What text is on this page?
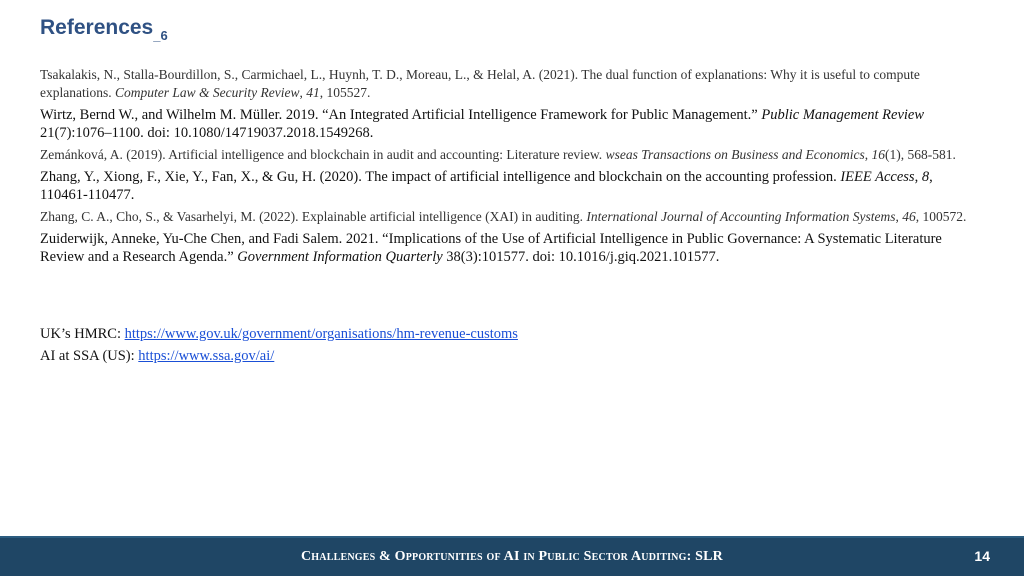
References$_{\_6}$

Tsakalakis, N., Stalla-Bourdillon, S., Carmichael, L., Huynh, T. D., Moreau, L., & Helal, A. (2021). The dual function of explanations: Why it is useful to compute explanations. Computer Law & Security Review, 41, 105527.

Wirtz, Bernd W., and Wilhelm M. Müller. 2019. “An Integrated Artificial Intelligence Framework for Public Management.” Public Management Review 21(7):1076–1100. doi: 10.1080/14719037.2018.1549268.

Zemánková, A. (2019). Artificial intelligence and blockchain in audit and accounting: Literature review. wseas Transactions on Business and Economics, 16(1), 568-581.

Zhang, Y., Xiong, F., Xie, Y., Fan, X., & Gu, H. (2020). The impact of artificial intelligence and blockchain on the accounting profession. IEEE Access, 8, 110461-110477.

Zhang, C. A., Cho, S., & Vasarhelyi, M. (2022). Explainable artificial intelligence (XAI) in auditing. International Journal of Accounting Information Systems, 46, 100572.

Zuiderwijk, Anneke, Yu-Che Chen, and Fadi Salem. 2021. “Implications of the Use of Artificial Intelligence in Public Governance: A Systematic Literature Review and a Research Agenda.” Government Information Quarterly 38(3):101577. doi: 10.1016/j.giq.2021.101577.

UK’s HMRC: https://www.gov.uk/government/organisations/hm-revenue-customs
AI at SSA (US): https://www.ssa.gov/ai/
Challenges & Opportunities of AI in Public Sector Auditing: SLR	14
